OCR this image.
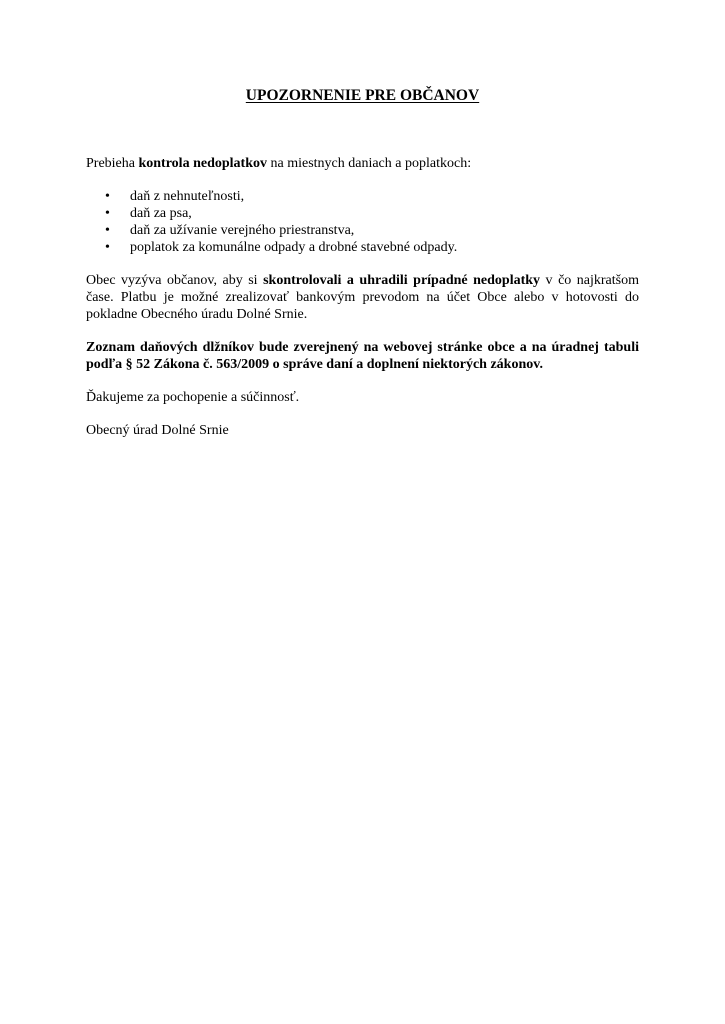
UPOZORNENIE PRE OBČANOV

Prebieha kontrola nedoplatkov na miestnych daniach a poplatkoch:

• daň z nehnuteľnosti,
• daň za psa,
• daň za užívanie verejného priestranstva,
• poplatok za komunálne odpady a drobné stavebné odpady.

Obec vyzýva občanov, aby si skontrolovali a uhradili prípadné nedoplatky v čo najkratšom čase. Platbu je možné zrealizovať bankovým prevodom na účet Obce alebo v hotovosti do pokladne Obecného úradu Dolné Srnie.

Zoznam daňových dlžníkov bude zverejnený na webovej stránke obce a na úradnej tabuli podľa § 52 Zákona č. 563/2009 o správe daní a doplnení niektorých zákonov.

Ďakujeme za pochopenie a súčinnosť.

Obecný úrad Dolné Srnie
